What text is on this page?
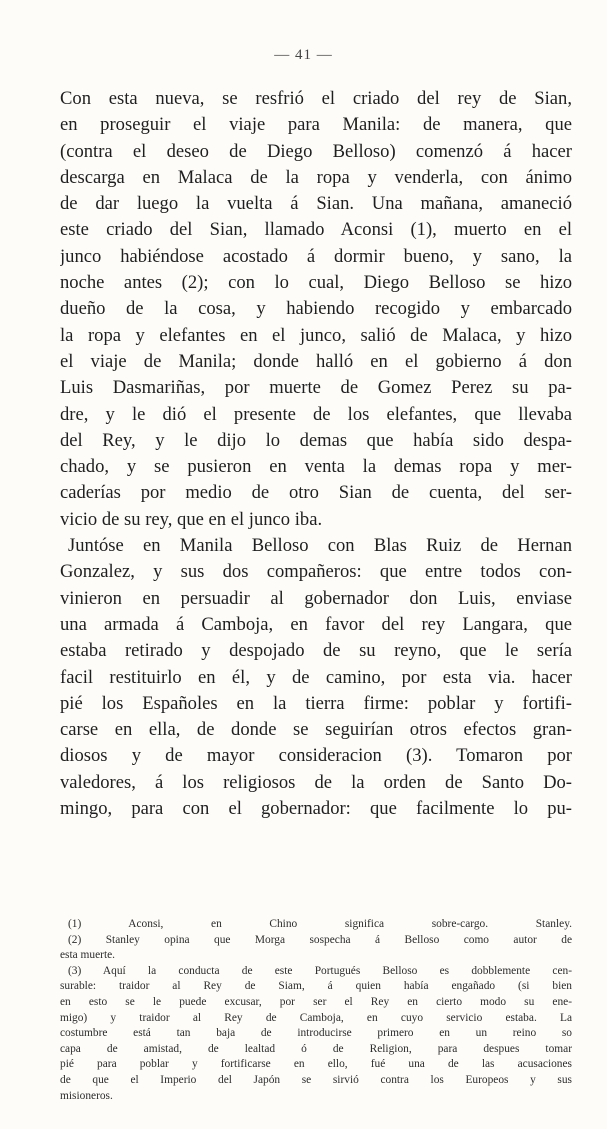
— 41 —
Con esta nueva, se resfrió el criado del rey de Sian,
en proseguir el viaje para Manila: de manera, que
(contra el deseo de Diego Belloso) comenzó á hacer
descarga en Malaca de la ropa y venderla, con ánimo
de dar luego la vuelta á Sian. Una mañana, amaneció
este criado del Sian, llamado Aconsi (1), muerto en el
junco habiéndose acostado á dormir bueno, y sano, la
noche antes (2); con lo cual, Diego Belloso se hizo
dueño de la cosa, y habiendo recogido y embarcado
la ropa y elefantes en el junco, salió de Malaca, y hizo
el viaje de Manila; donde halló en el gobierno á don
Luis Dasmariñas, por muerte de Gomez Perez su pa-
dre, y le dió el presente de los elefantes, que llevaba
del Rey, y le dijo lo demas que había sido despa-
chado, y se pusieron en venta la demas ropa y mer-
caderías por medio de otro Sian de cuenta, del ser-
vicio de su rey, que en el junco iba.
Juntóse en Manila Belloso con Blas Ruiz de Hernan
Gonzalez, y sus dos compañeros: que entre todos con-
vinieron en persuadir al gobernador don Luis, enviase
una armada á Camboja, en favor del rey Langara, que
estaba retirado y despojado de su reyno, que le sería
facil restituirlo en él, y de camino, por esta via. hacer
pié los Españoles en la tierra firme: poblar y fortifi-
carse en ella, de donde se seguirían otros efectos gran-
diosos y de mayor consideracion (3). Tomaron por
valedores, á los religiosos de la orden de Santo Do-
mingo, para con el gobernador: que facilmente lo pu-
(1) Aconsi, en Chino significa sobre-cargo. Stanley.
(2) Stanley opina que Morga sospecha á Belloso como autor de
esta muerte.
(3) Aquí la conducta de este Portugués Belloso es dobblemente cen-
surable: traidor al Rey de Siam, á quien había engañado (si bien
en esto se le puede excusar, por ser el Rey en cierto modo su ene-
migo) y traidor al Rey de Camboja, en cuyo servicio estaba. La
costumbre está tan baja de introducirse primero en un reino so
capa de amistad, de lealtad ó de Religion, para despues tomar
pié para poblar y fortificarse en ello, fué una de las acusaciones
de que el Imperio del Japón se sirvió contra los Europeos y sus
misioneros.
